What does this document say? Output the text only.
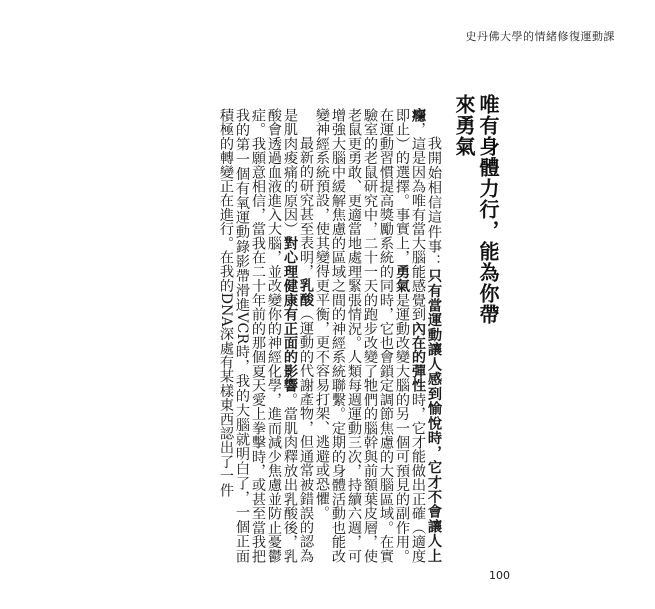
史丹佛大學的情緒修復運動課
唯有身體力行，能為你帶來勇氣

我開始相信這件事：只有當運動讓人感到愉悅時，它才不會讓人上癮，這是因為唯有當大腦能感覺到內在的彈性時，它才能做出正確（適度即止）的選擇。事實上，勇氣是運動改變大腦的另一個可預見的副作用。在運動習慣提高獎勵系統的同時，它也會鎖定調節焦慮的大腦區域。在實驗室的老鼠研究中，二十一天的跑步改變了牠們的腦幹與前額葉皮層，使老鼠更勇敢、更適當地處理緊張情況。人類每週運動三次，持續六週，可增強大腦中緩解焦慮的區域之間的神經系統聯繫。定期的身體活動也能改變神經系統預設，使其變得更平衡，更不容易打架、逃避或恐懼。

最新的研究甚至表明，乳酸（運動的代謝產物，但通常被錯誤的認為是肌肉痠痛的原因）對心理健康有正面的影響。當肌肉釋放出乳酸後，乳酸會透過血液進入大腦，並改變你的神經化學，進而減少焦慮並防止憂鬱症。我願意相信，當我在二十年前的那個夏天愛上拳擊時，或甚至當我把我的第一個有氧運動錄影帶滑進VCR時，我的大腦就明白了，一個正面積極的轉變正在進行。在我的DNA深處有某樣東西認出了一件

100
